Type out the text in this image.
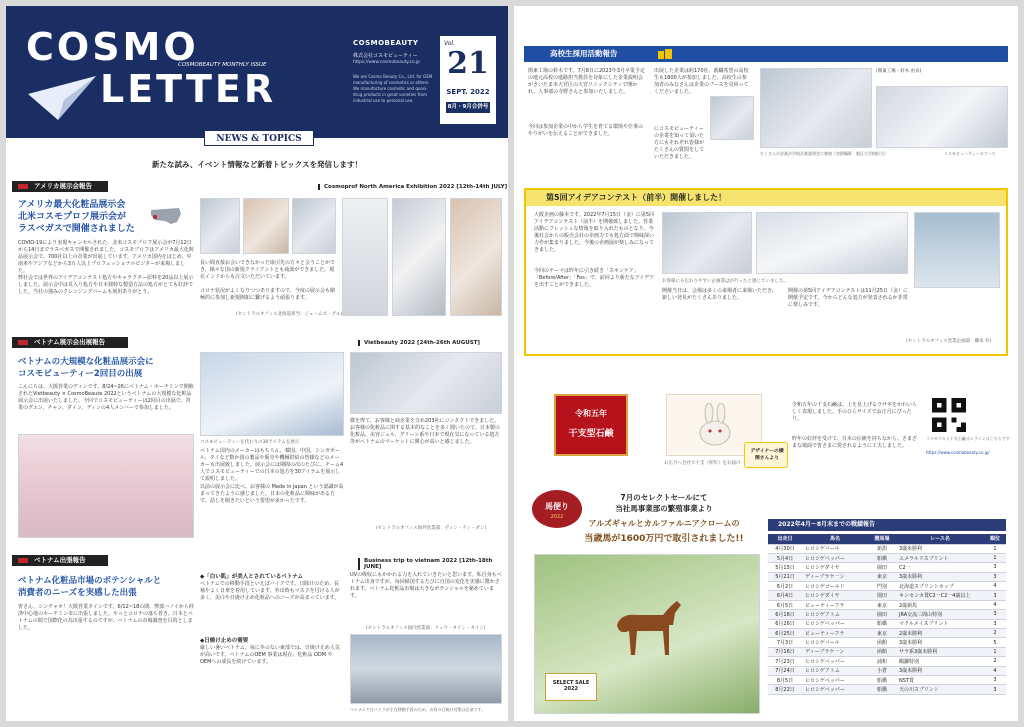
COSMO
LETTER
COSMOBEAUTY MONTHLY ISSUE
COSMOBEAUTY
株式会社コスモビューティー
https://www.cosmobeauty.co.jp
We are Cosmo Beauty Co., Ltd. for OEM manufacturing of cosmetics or others. We manufacture cosmetic and quasi-drug products in great varieties from industrial use to personal use.
Vol.
21
SEPT. 2022
8月・9月合併号
NEWS & TOPICS
新たな試み、イベント情報など新着トピックスを発信します！
アメリカ展示会報告	Cosmoprof North America Exhibition 2022 [12th-14th JULY]
アメリカ最大化粧品展示会
北米コスモプロフ展示会が
ラスベガスで開催されました
COVID-19により実現キャンセルされた、北米コスモプロフ展示会が7月12日から14日までラスベガスで開催されました。コスモプロフはアメリカ最大化粧品展示会で、700社以上の企業が出展しています。アメリカ国内をはじめ、中南米やアジアなどから3万人以上プロフェッショナルビジターが来場しました。
弊社会では世界のアイデアコンテスト処方やキャラクター原料を20品以上展示しました。展示会中は見入り処方や日本独特な製造方法の処方がとても好評でした。当社の強みのクレンジングバームも刻用ありがとう。
長い間直接お会いできなかった取引先の方々と会うことができ、様々な国の新規クライアントとも商談ができました。現在インドからも注文いただいています。
コロナ状況がよくなりつつありますので、今度の展示会も積極的に参加し新規開拓に繋げるよう頑張ります。
(セントラルオフィス北海道担当：ジェームズ・グル)
ベトナム展示会出展報告	Vietbeauty 2022 [24th-26th AUGUST]
ベトナムの大規模な化粧品展示会に
コスモビューティー2回目の出展
こんにちは、大阪営業のディンです。8/24~26にベトナム・ホーチミンで開催されたVietbeauty × CosmoBeaute 2022というベトナムの大規模な化粧品展示会に出展いたしました。今回でコスモビューティーは2回目の出展で、営業のグエン、チャン、ダイン、ディンの4人メンバーで参加しました。
コスモビューティーを代わりの30アイテムを展示
ベトナム国内のメーカーはもちろん、韓国、中国、シンガポール、タイなど数か国の製品や販売や機械供給の皆様などのメーカーも出展致しました。展示会には期間の次のたびに、チーム4人でコスモビューティーでの日本の処方を30アイテムを展示して説明しました。
以前の展示会に比べ、お客様の Made in Japan という認識が高まってきたように感じました。日本の化粧品に興味がある方で、話しを聞きたいという要望が多かったです。
微を得て、お客様と商企業を含め203社にコンタクトできました。お客様の化粧品に関する基本的なことを多く聞いたので、日本製の化粧品、美容ジェル、グリーン系や日本で現在気になっている処方等がベトナムのマーケットに関心が高いと感じました。
(セントラルオフィス海外営業部：ディン・ティ・ダン)
ベトナム出張報告	Business trip to vietnam 2022 [12th-18th JUNE]
ベトナム化粧品市場のポテンシャルと
消費者のニーズを実感した出張
皆さん、シンチャオ！大阪営業タインです。6/12~18の間、弊部ハノイから経済中心地のホーチミン市に出張しました。やっとコロナの落ち着き、日本とベトナムの間で国際化の為出張するのですが、ベトナムの市場調査を目的としました。
◆「白い肌」が美人とされているベトナム
ベトナムでの移動手段といえばバイクです。日除けのため、長袖やよく日傘を着用しています。外出時もマスクを付ける人が多く、美白や日焼け止め化粧品へのニーズが高まっています。
◆日焼け止めの需要
厳しい暑いベトナム、毎に冬のない東部では、日焼け止め人気が高いです。ベトナムのOEM 事業は現在、化粧品 ODM やOEMへの成長を続けています。
UVの吸収にもかかわる力を入れていきたいと思います。私自身もベトナム出身ですが、毎回帰国するたびに自国の変化を実感に驚かされます。ベトナム化粧品市場は大きなポテンシャルを秘めています。
(セントラルオフィス国内営業部：リュウ・タイン・タイン)
ベトナムではバイクが主な移動手段のため、お昼の日焼け対策は必須です。
高校生採用活動報告
関東工場の鈴木です。7月8日に2023年3月卒業予定の地元高校の進路担当教員を対象にした企業説明会がさいたま市大宮区の大宮ソニックシティで開かれ、人事部の寺野さんと参加いたしました。
今回は参加企業の中から学生を育てる環境や仕事のやりがいを伝えることができました。
出展した企業は約170社、就職希望の高校生も1800人が参加しました。高校生の参加者のみなさんは企業のブースを見回ってくださいました。
にコスモビューティーの企業を知って頂いた方にもそれぞれ皆様がたくさんの質問をしていただきました。
(関東工場・鈴木 由衣)
たくさんの企業が学校企業説明会に参加（実際撮影：地区大学校担当）	コスモビューティーのブース
第5回アイデアコンテスト（前半）開催しました！
大阪企画の藤本です。2022年7月15日（金）に第5回アイデアコンテスト（前半）を開催致しました。営業活動にフレッシュな情報を取り入れたものとなり、今後社会からの販売会社の企画力でも処方面で興味深い力作が集まりました。今後の企画展が楽しみになってきました。
今回のテーマは昨年に引き続き「スキンケア」「Before/After」「Fes」で、前回より新たなアイデアを出すことができました。
お客様にも伝わりやすい企画書はが行ったと感じていました。
開催当日は、会場は多くの来場者に来場いただき、新しい発見がたくさんありました。
開催の第5回アイデアコンテストは11月25日（金）に開催予定です。今からどんな処方が発表されるか非常に楽しみです。
(セントラルオフィス営業企画部：藤本 有)
令和五年
干支型石鹸
お正月へ会社で干支（卯年）をお届け
令和五年の干支石鹸は、上を見上げるウサギをかわいらしく表現しました。手のひらサイズでお正月にぴったり。
デザイナーの横関さんより
昨年の好評を受けて、日本の伝統を持ちながら、さまざまな場面で皆さまに愛されるように工夫しました。
コスモウルト干支石鹸オンラインはこちらです
https://www.cosmobeauty.co.jp/
馬便り
2022
7月のセレクトセールにて
当社馬事業部の繁殖事業より
アルズギャルとカルファルニアクロームの
当歳馬が1600万円で取引されました!!
SELECT SALE 2022
2022年4月～8月末までの戦績報告
出走日	馬名	競馬場	レース名	順位
4月30日	ヒロシゲバール	新潟	3歳未勝利	1
5月4日	ヒロシゲペッパー	船橋	エメラルドスプリント	1
5月15日	ヒロシゲダイヤ	園田	C2一	3
5月21日	ディープラケ一ン	東京	3歳未勝利	3
6月2日	ヒロシゲゴールド	門別	北海道スプリントカップ	4
6月4日	ヒロシゲダイヤ	園田	キンセンカ賞C2一C2一4歳以上	3
6月5日	ピューティーフラ	東京	2歳新馬	4
6月16日	ヒロシゲアトム	園田	JRA交流三間山特別	3
6月26日	ヒロシゲペッパー	船橋	マクルメイスプリント	3
6月25日	ピューティーフラ	東京	2歳未勝利	2
7月3日	ヒロシゲバール	函館	3歳未勝利	5
7月16日	ディープラケ一ン	函館	サラ系3歳未勝利	1
7月23日	ヒロシゲペッパー	浦和	鶴鎌特別	2
7月24日	ヒロシゲアトム	小倉	3歳未勝利	4
8月5日	ヒロシゲペッパー	船橋	NST賞	3
8月22日	ヒロシゲペッパー	船橋	天の川スプリント	3
